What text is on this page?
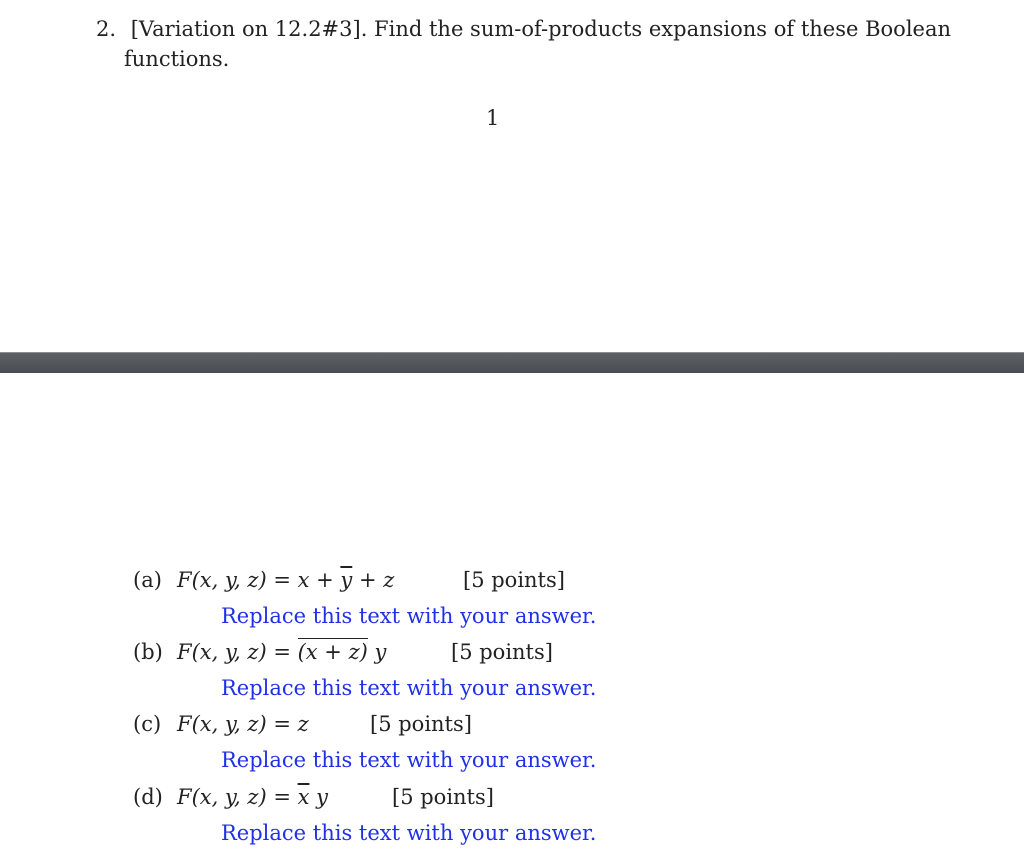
2. [Variation on 12.2#3]. Find the sum-of-products expansions of these Boolean
functions.
1
(a) F(x, y, $z) = x + \overline{y} + z$	[5 points]
Replace this text with your answer.
(b) F(x, y, z) = (x + z) y	[5 points]
Replace this text with your answer.
(c) F(x, y, z) = z	[5 points]
Replace this text with your answer.
(d) F(x, y, $z) = \overline{x}$ y	[5 points]
Replace this text with your answer.
